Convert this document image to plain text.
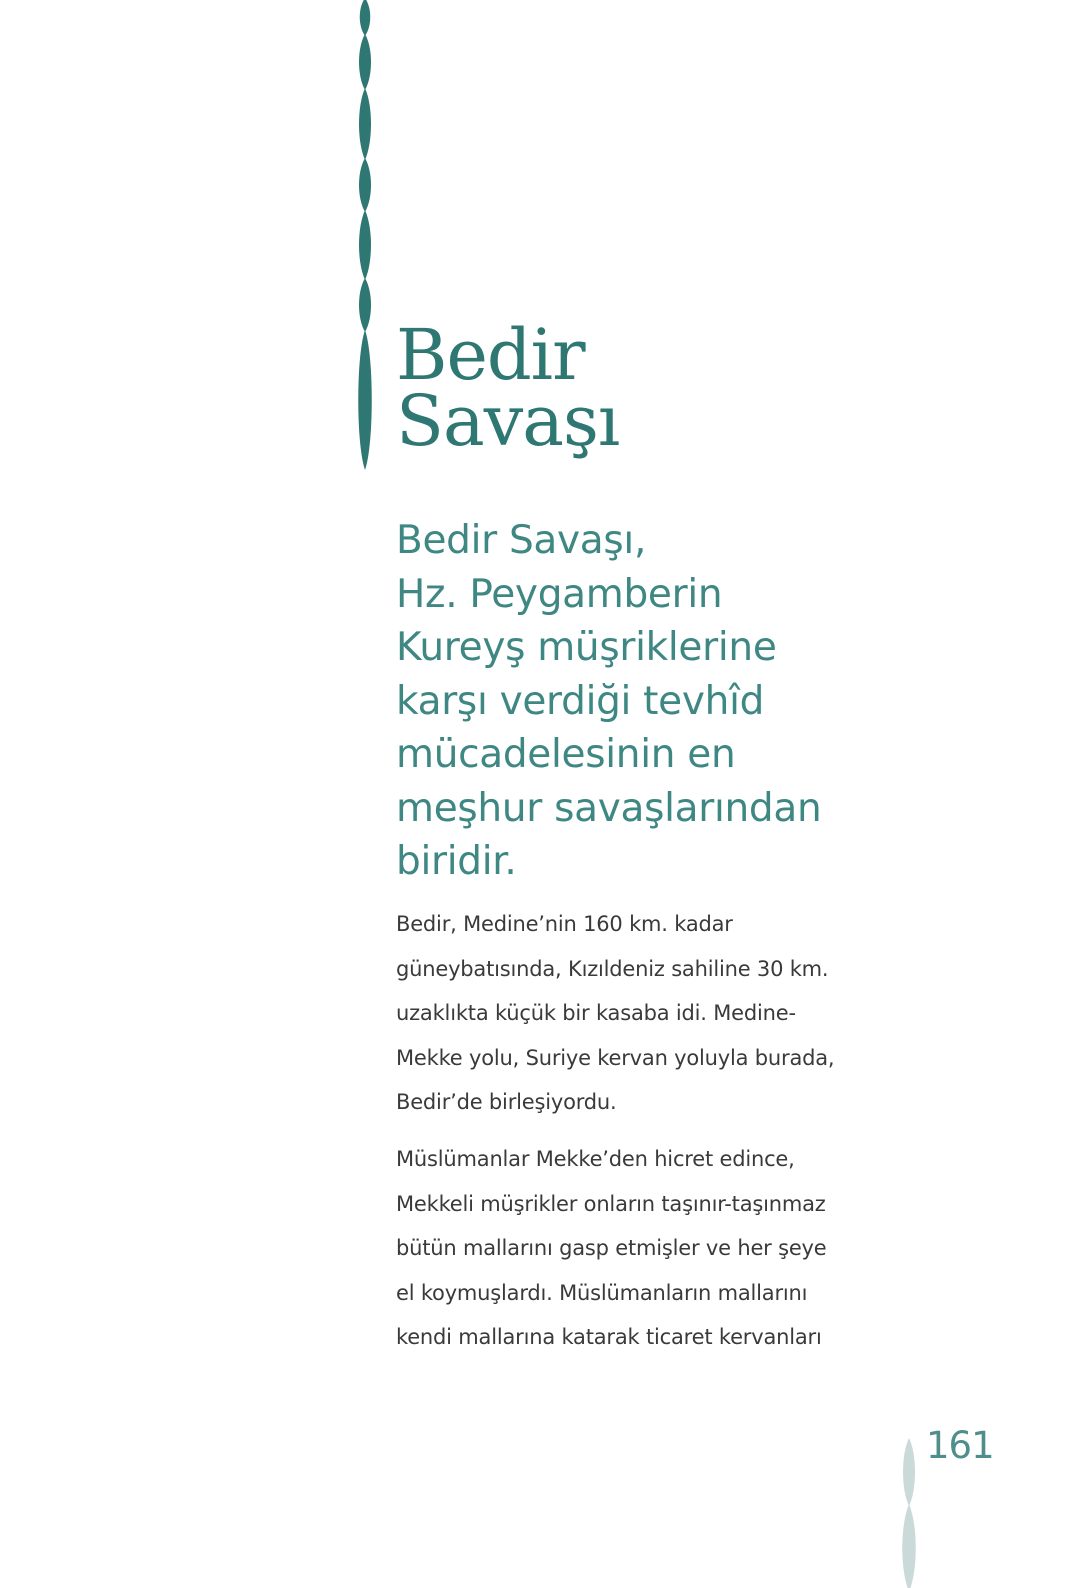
Bedir
Savaşı

Bedir Savaşı,
Hz. Peygamberin
Kureyş müşriklerine
karşı verdiği tevhîd
mücadelesinin en
meşhur savaşlarından
biridir.

Bedir, Medine’nin 160 km. kadar
güneybatısında, Kızıldeniz sahiline 30 km.
uzaklıkta küçük bir kasaba idi. Medine-
Mekke yolu, Suriye kervan yoluyla burada,
Bedir’de birleşiyordu.

Müslümanlar Mekke’den hicret edince,
Mekkeli müşrikler onların taşınır-taşınmaz
bütün mallarını gasp etmişler ve her şeye
el koymuşlardı. Müslümanların mallarını
kendi mallarına katarak ticaret kervanları

161
